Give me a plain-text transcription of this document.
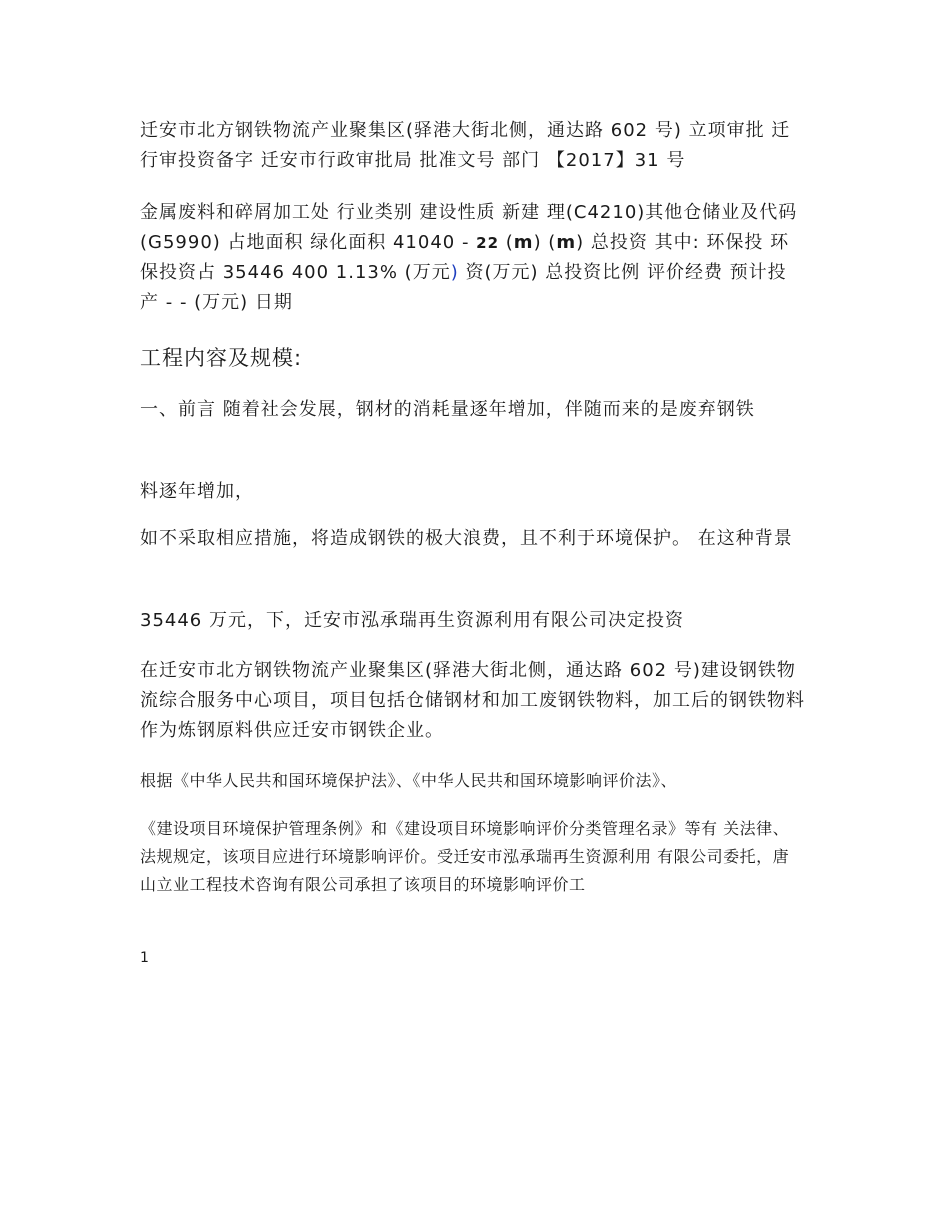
迁安市北方钢铁物流产业聚集区(驿港大街北侧，通达路 602 号) 立项审批 迁行审投资备字 迁安市行政审批局 批准文号 部门 【2017】31 号

金属废料和碎屑加工处 行业类别 建设性质 新建 理(C4210)其他仓储业及代码 (G5990) 占地面积 绿化面积 41040 - 22 (m) (m) 总投资 其中: 环保投 环保投资占 35446 400 1.13% (万元) 资(万元) 总投资比例 评价经费 预计投产 - - (万元) 日期

工程内容及规模:

一、前言 随着社会发展，钢材的消耗量逐年增加，伴随而来的是废弃钢铁

料逐年增加，

如不采取相应措施，将造成钢铁的极大浪费，且不利于环境保护。 在这种背景

35446 万元，下，迁安市泓承瑞再生资源利用有限公司决定投资

在迁安市北方钢铁物流产业聚集区(驿港大街北侧，通达路 602 号)建设钢铁物 流综合服务中心项目，项目包括仓储钢材和加工废钢铁物料，加工后的钢铁物料 作为炼钢原料供应迁安市钢铁企业。

根据《中华人民共和国环境保护法》、《中华人民共和国环境影响评价法》、

《建设项目环境保护管理条例》和《建设项目环境影响评价分类管理名录》等有 关法律、法规规定，该项目应进行环境影响评价。受迁安市泓承瑞再生资源利用 有限公司委托，唐山立业工程技术咨询有限公司承担了该项目的环境影响评价工

1
